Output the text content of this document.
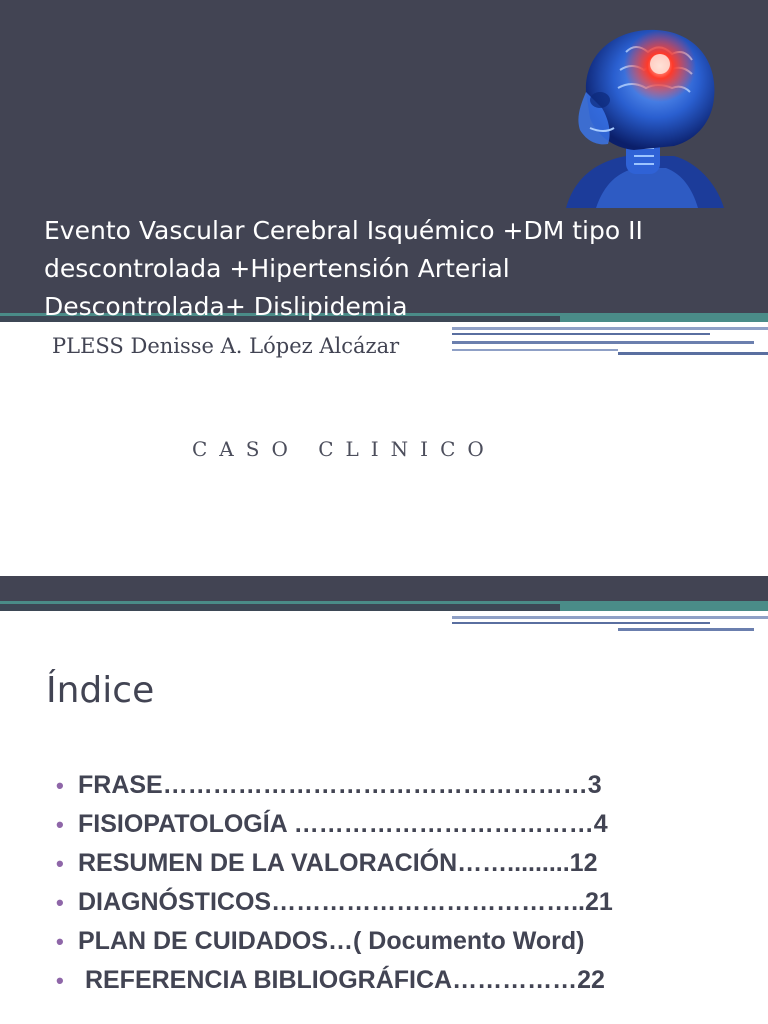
Evento Vascular Cerebral Isquémico +DM tipo II
descontrolada +Hipertensión Arterial
Descontrolada+ Dislipidemia
PLESS Denisse A. López Alcázar
CASO CLINICO
Índice
• FRASE……………………………………………3
• FISIOPATOLOGÍA ………………………………4
• RESUMEN DE LA VALORACIÓN…….........12
• DIAGNÓSTICOS………………………………..21
• PLAN DE CUIDADOS…( Documento Word)
• REFERENCIA BIBLIOGRÁFICA……………22
